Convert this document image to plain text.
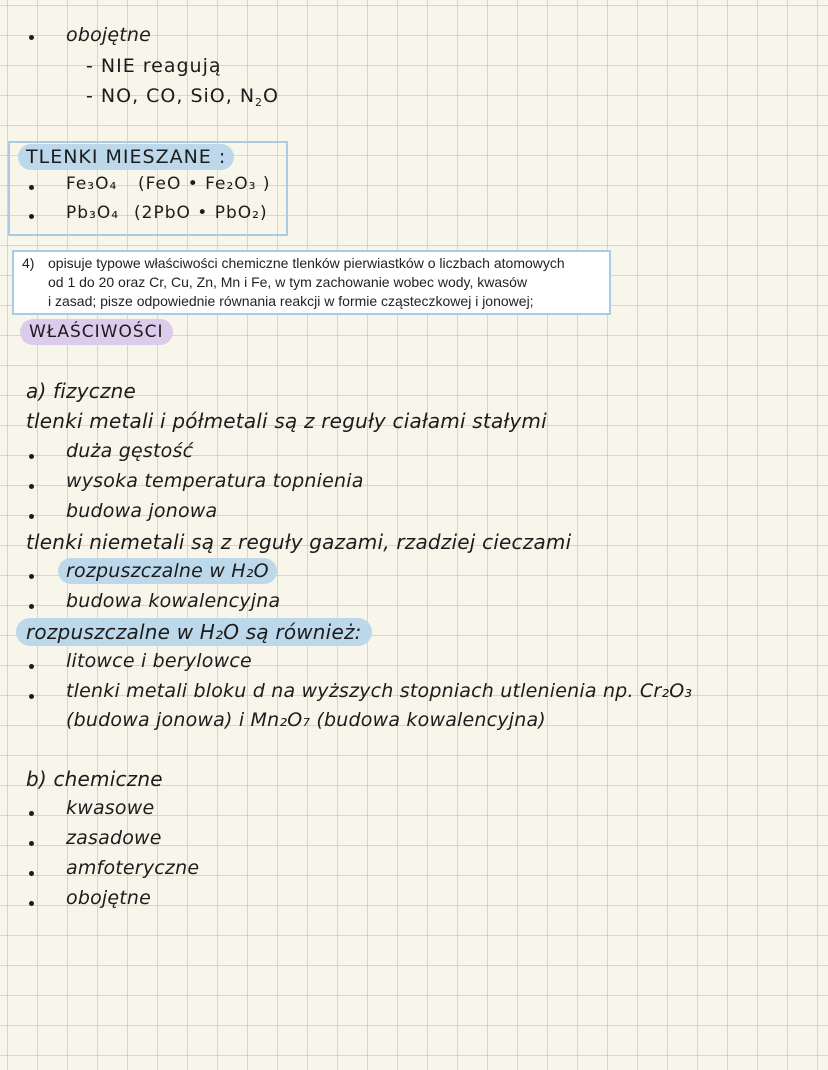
obojętne
- NIE reagują
- NO, CO, SiO, $N_2O$
TLENKI MIESZANE :
Fe₃O₄ (FeO • Fe₂O₃ )
Pb₃O₄ (2PbO • PbO₂)
4) opisuje typowe właściwości chemiczne tlenków pierwiastków o liczbach atomowych
od 1 do 20 oraz Cr, Cu, Zn, Mn i Fe, w tym zachowanie wobec wody, kwasów
i zasad; pisze odpowiednie równania reakcji w formie cząsteczkowej i jonowej;
WŁAŚCIWOŚCI
a) fizyczne
tlenki metali i półmetali są z reguły ciałami stałymi
duża gęstość
wysoka temperatura topnienia
budowa jonowa
tlenki niemetali są z reguły gazami, rzadziej cieczami
rozpuszczalne w H₂O
budowa kowalencyjna
rozpuszczalne w H₂O są również:
litowce i berylowce
tlenki metali bloku d na wyższych stopniach utlenienia np. Cr₂O₃
(budowa jonowa) i Mn₂O₇ (budowa kowalencyjna)
b) chemiczne
kwasowe
zasadowe
amfoteryczne
obojętne
